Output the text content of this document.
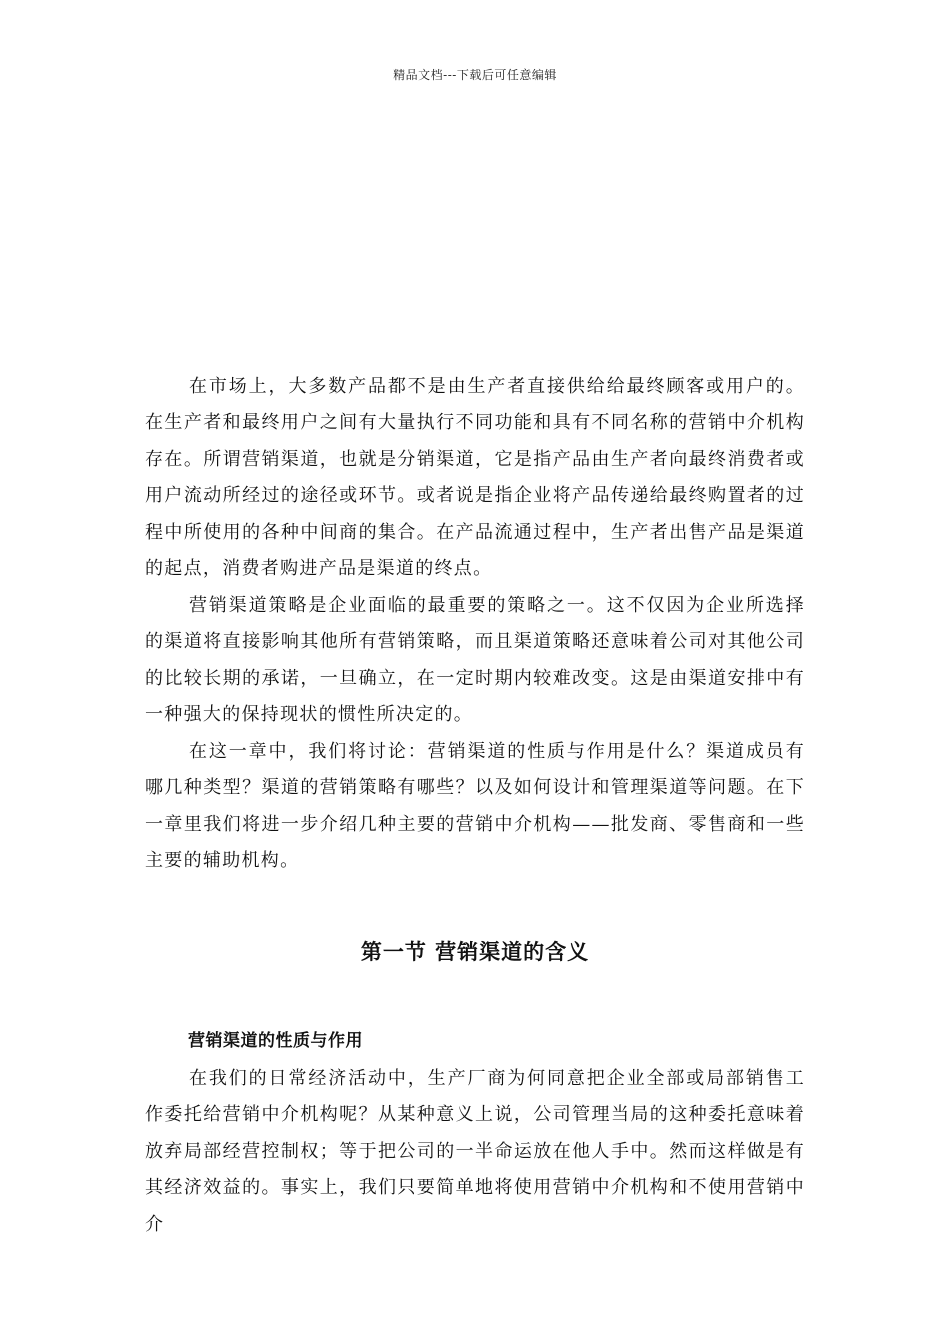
精品文档---下载后可任意编辑

在市场上，大多数产品都不是由生产者直接供给给最终顾客或用户的。在生产者和最终用户之间有大量执行不同功能和具有不同名称的营销中介机构存在。所谓营销渠道，也就是分销渠道，它是指产品由生产者向最终消费者或用户流动所经过的途径或环节。或者说是指企业将产品传递给最终购置者的过程中所使用的各种中间商的集合。在产品流通过程中，生产者出售产品是渠道的起点，消费者购进产品是渠道的终点。

营销渠道策略是企业面临的最重要的策略之一。这不仅因为企业所选择的渠道将直接影响其他所有营销策略，而且渠道策略还意味着公司对其他公司的比较长期的承诺，一旦确立，在一定时期内较难改变。这是由渠道安排中有一种强大的保持现状的惯性所决定的。

在这一章中，我们将讨论：营销渠道的性质与作用是什么？渠道成员有哪几种类型？渠道的营销策略有哪些？以及如何设计和管理渠道等问题。在下一章里我们将进一步介绍几种主要的营销中介机构——批发商、零售商和一些主要的辅助机构。

第一节 营销渠道的含义
营销渠道的性质与作用

在我们的日常经济活动中，生产厂商为何同意把企业全部或局部销售工作委托给营销中介机构呢？从某种意义上说，公司管理当局的这种委托意味着放弃局部经营控制权；等于把公司的一半命运放在他人手中。然而这样做是有其经济效益的。事实上，我们只要简单地将使用营销中介机构和不使用营销中介
